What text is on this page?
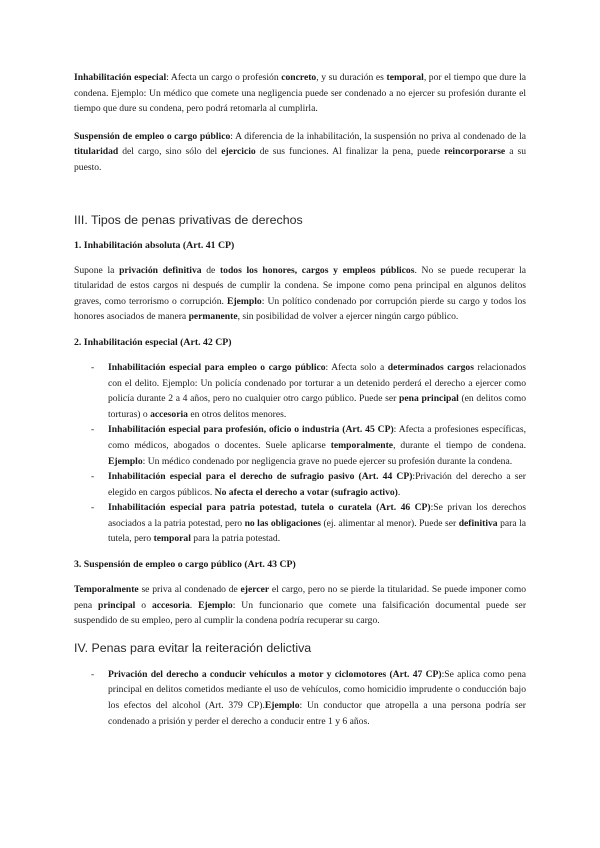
Inhabilitación especial: Afecta un cargo o profesión concreto, y su duración es temporal, por el tiempo que dure la condena. Ejemplo: Un médico que comete una negligencia puede ser condenado a no ejercer su profesión durante el tiempo que dure su condena, pero podrá retomarla al cumplirla.

Suspensión de empleo o cargo público: A diferencia de la inhabilitación, la suspensión no priva al condenado de la titularidad del cargo, sino sólo del ejercicio de sus funciones. Al finalizar la pena, puede reincorporarse a su puesto.

III. Tipos de penas privativas de derechos
1. Inhabilitación absoluta (Art. 41 CP)

Supone la privación definitiva de todos los honores, cargos y empleos públicos. No se puede recuperar la titularidad de estos cargos ni después de cumplir la condena. Se impone como pena principal en algunos delitos graves, como terrorismo o corrupción. Ejemplo: Un político condenado por corrupción pierde su cargo y todos los honores asociados de manera permanente, sin posibilidad de volver a ejercer ningún cargo público.

2. Inhabilitación especial (Art. 42 CP)
- Inhabilitación especial para empleo o cargo público: Afecta solo a determinados cargos relacionados con el delito. Ejemplo: Un policía condenado por torturar a un detenido perderá el derecho a ejercer como policía durante 2 a 4 años, pero no cualquier otro cargo público. Puede ser pena principal (en delitos como torturas) o accesoria en otros delitos menores.
- Inhabilitación especial para profesión, oficio o industria (Art. 45 CP): Afecta a profesiones específicas, como médicos, abogados o docentes. Suele aplicarse temporalmente, durante el tiempo de condena. Ejemplo: Un médico condenado por negligencia grave no puede ejercer su profesión durante la condena.
- Inhabilitación especial para el derecho de sufragio pasivo (Art. 44 CP):Privación del derecho a ser elegido en cargos públicos. No afecta el derecho a votar (sufragio activo).
- Inhabilitación especial para patria potestad, tutela o curatela (Art. 46 CP):Se privan los derechos asociados a la patria potestad, pero no las obligaciones (ej. alimentar al menor). Puede ser definitiva para la tutela, pero temporal para la patria potestad.
3. Suspensión de empleo o cargo público (Art. 43 CP)

Temporalmente se priva al condenado de ejercer el cargo, pero no se pierde la titularidad. Se puede imponer como pena principal o accesoria. Ejemplo: Un funcionario que comete una falsificación documental puede ser suspendido de su empleo, pero al cumplir la condena podría recuperar su cargo.

IV. Penas para evitar la reiteración delictiva
- Privación del derecho a conducir vehículos a motor y ciclomotores (Art. 47 CP):Se aplica como pena principal en delitos cometidos mediante el uso de vehículos, como homicidio imprudente o conducción bajo los efectos del alcohol (Art. 379 CP).Ejemplo: Un conductor que atropella a una persona podría ser condenado a prisión y perder el derecho a conducir entre 1 y 6 años.
